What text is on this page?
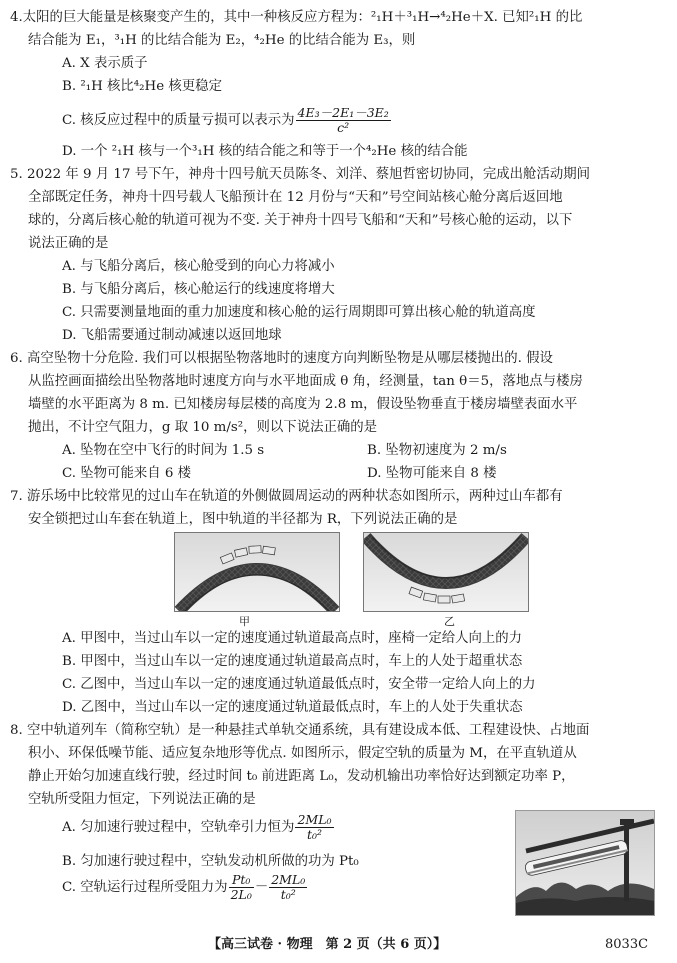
4.太阳的巨大能量是核聚变产生的，其中一种核反应方程为：²₁H＋³₁H→⁴₂He＋X. 已知²₁H 的比
结合能为 E₁，³₁H 的比结合能为 E₂，⁴₂He 的比结合能为 E₃，则
A. X 表示质子
B. ²₁H 核比⁴₂He 核更稳定
C. 核反应过程中的质量亏损可以表示为 $\frac{\text{4E₃－2E₁－3E₂}}{\text{c²}}$
D. 一个 ²₁H 核与一个³₁H 核的结合能之和等于一个⁴₂He 核的结合能
5. 2022 年 9 月 17 号下午，神舟十四号航天员陈冬、刘洋、蔡旭哲密切协同，完成出舱活动期间
全部既定任务，神舟十四号载人飞船预计在 12 月份与“天和”号空间站核心舱分离后返回地
球的，分离后核心舱的轨道可视为不变. 关于神舟十四号飞船和“天和”号核心舱的运动，以下
说法正确的是
A. 与飞船分离后，核心舱受到的向心力将减小
B. 与飞船分离后，核心舱运行的线速度将增大
C. 只需要测量地面的重力加速度和核心舱的运行周期即可算出核心舱的轨道高度
D. 飞船需要通过制动减速以返回地球
6. 高空坠物十分危险. 我们可以根据坠物落地时的速度方向判断坠物是从哪层楼抛出的. 假设
从监控画面描绘出坠物落地时速度方向与水平地面成 θ 角，经测量，tan θ＝5，落地点与楼房
墙壁的水平距离为 8 m. 已知楼房每层楼的高度为 2.8 m，假设坠物垂直于楼房墙壁表面水平
抛出，不计空气阻力，g 取 10 m/s²，则以下说法正确的是
A. 坠物在空中飞行的时间为 1.5 s	B. 坠物初速度为 2 m/s
C. 坠物可能来自 6 楼	D. 坠物可能来自 8 楼
7. 游乐场中比较常见的过山车在轨道的外侧做圆周运动的两种状态如图所示，两种过山车都有
安全锁把过山车套在轨道上，图中轨道的半径都为 R，下列说法正确的是
甲	乙
A. 甲图中，当过山车以一定的速度通过轨道最高点时，座椅一定给人向上的力
B. 甲图中，当过山车以一定的速度通过轨道最高点时，车上的人处于超重状态
C. 乙图中，当过山车以一定的速度通过轨道最低点时，安全带一定给人向上的力
D. 乙图中，当过山车以一定的速度通过轨道最低点时，车上的人处于失重状态
8. 空中轨道列车（简称空轨）是一种悬挂式单轨交通系统，具有建设成本低、工程建设快、占地面
积小、环保低噪节能、适应复杂地形等优点. 如图所示，假定空轨的质量为 M，在平直轨道从
静止开始匀加速直线行驶，经过时间 t₀ 前进距离 L₀，发动机输出功率恰好达到额定功率 P，
空轨所受阻力恒定，下列说法正确的是
A. 匀加速行驶过程中，空轨牵引力恒为 $\frac{\text{2ML₀}}{\text{t₀²}}$
B. 匀加速行驶过程中，空轨发动机所做的功为 Pt₀
C. 空轨运行过程所受阻力为 $\frac{\text{Pt₀}}{\text{2L₀}} - \frac{\text{2ML₀}}{\text{t₀²}}$
【高三试卷 · 物理　第 2 页（共 6 页）】	8033C
